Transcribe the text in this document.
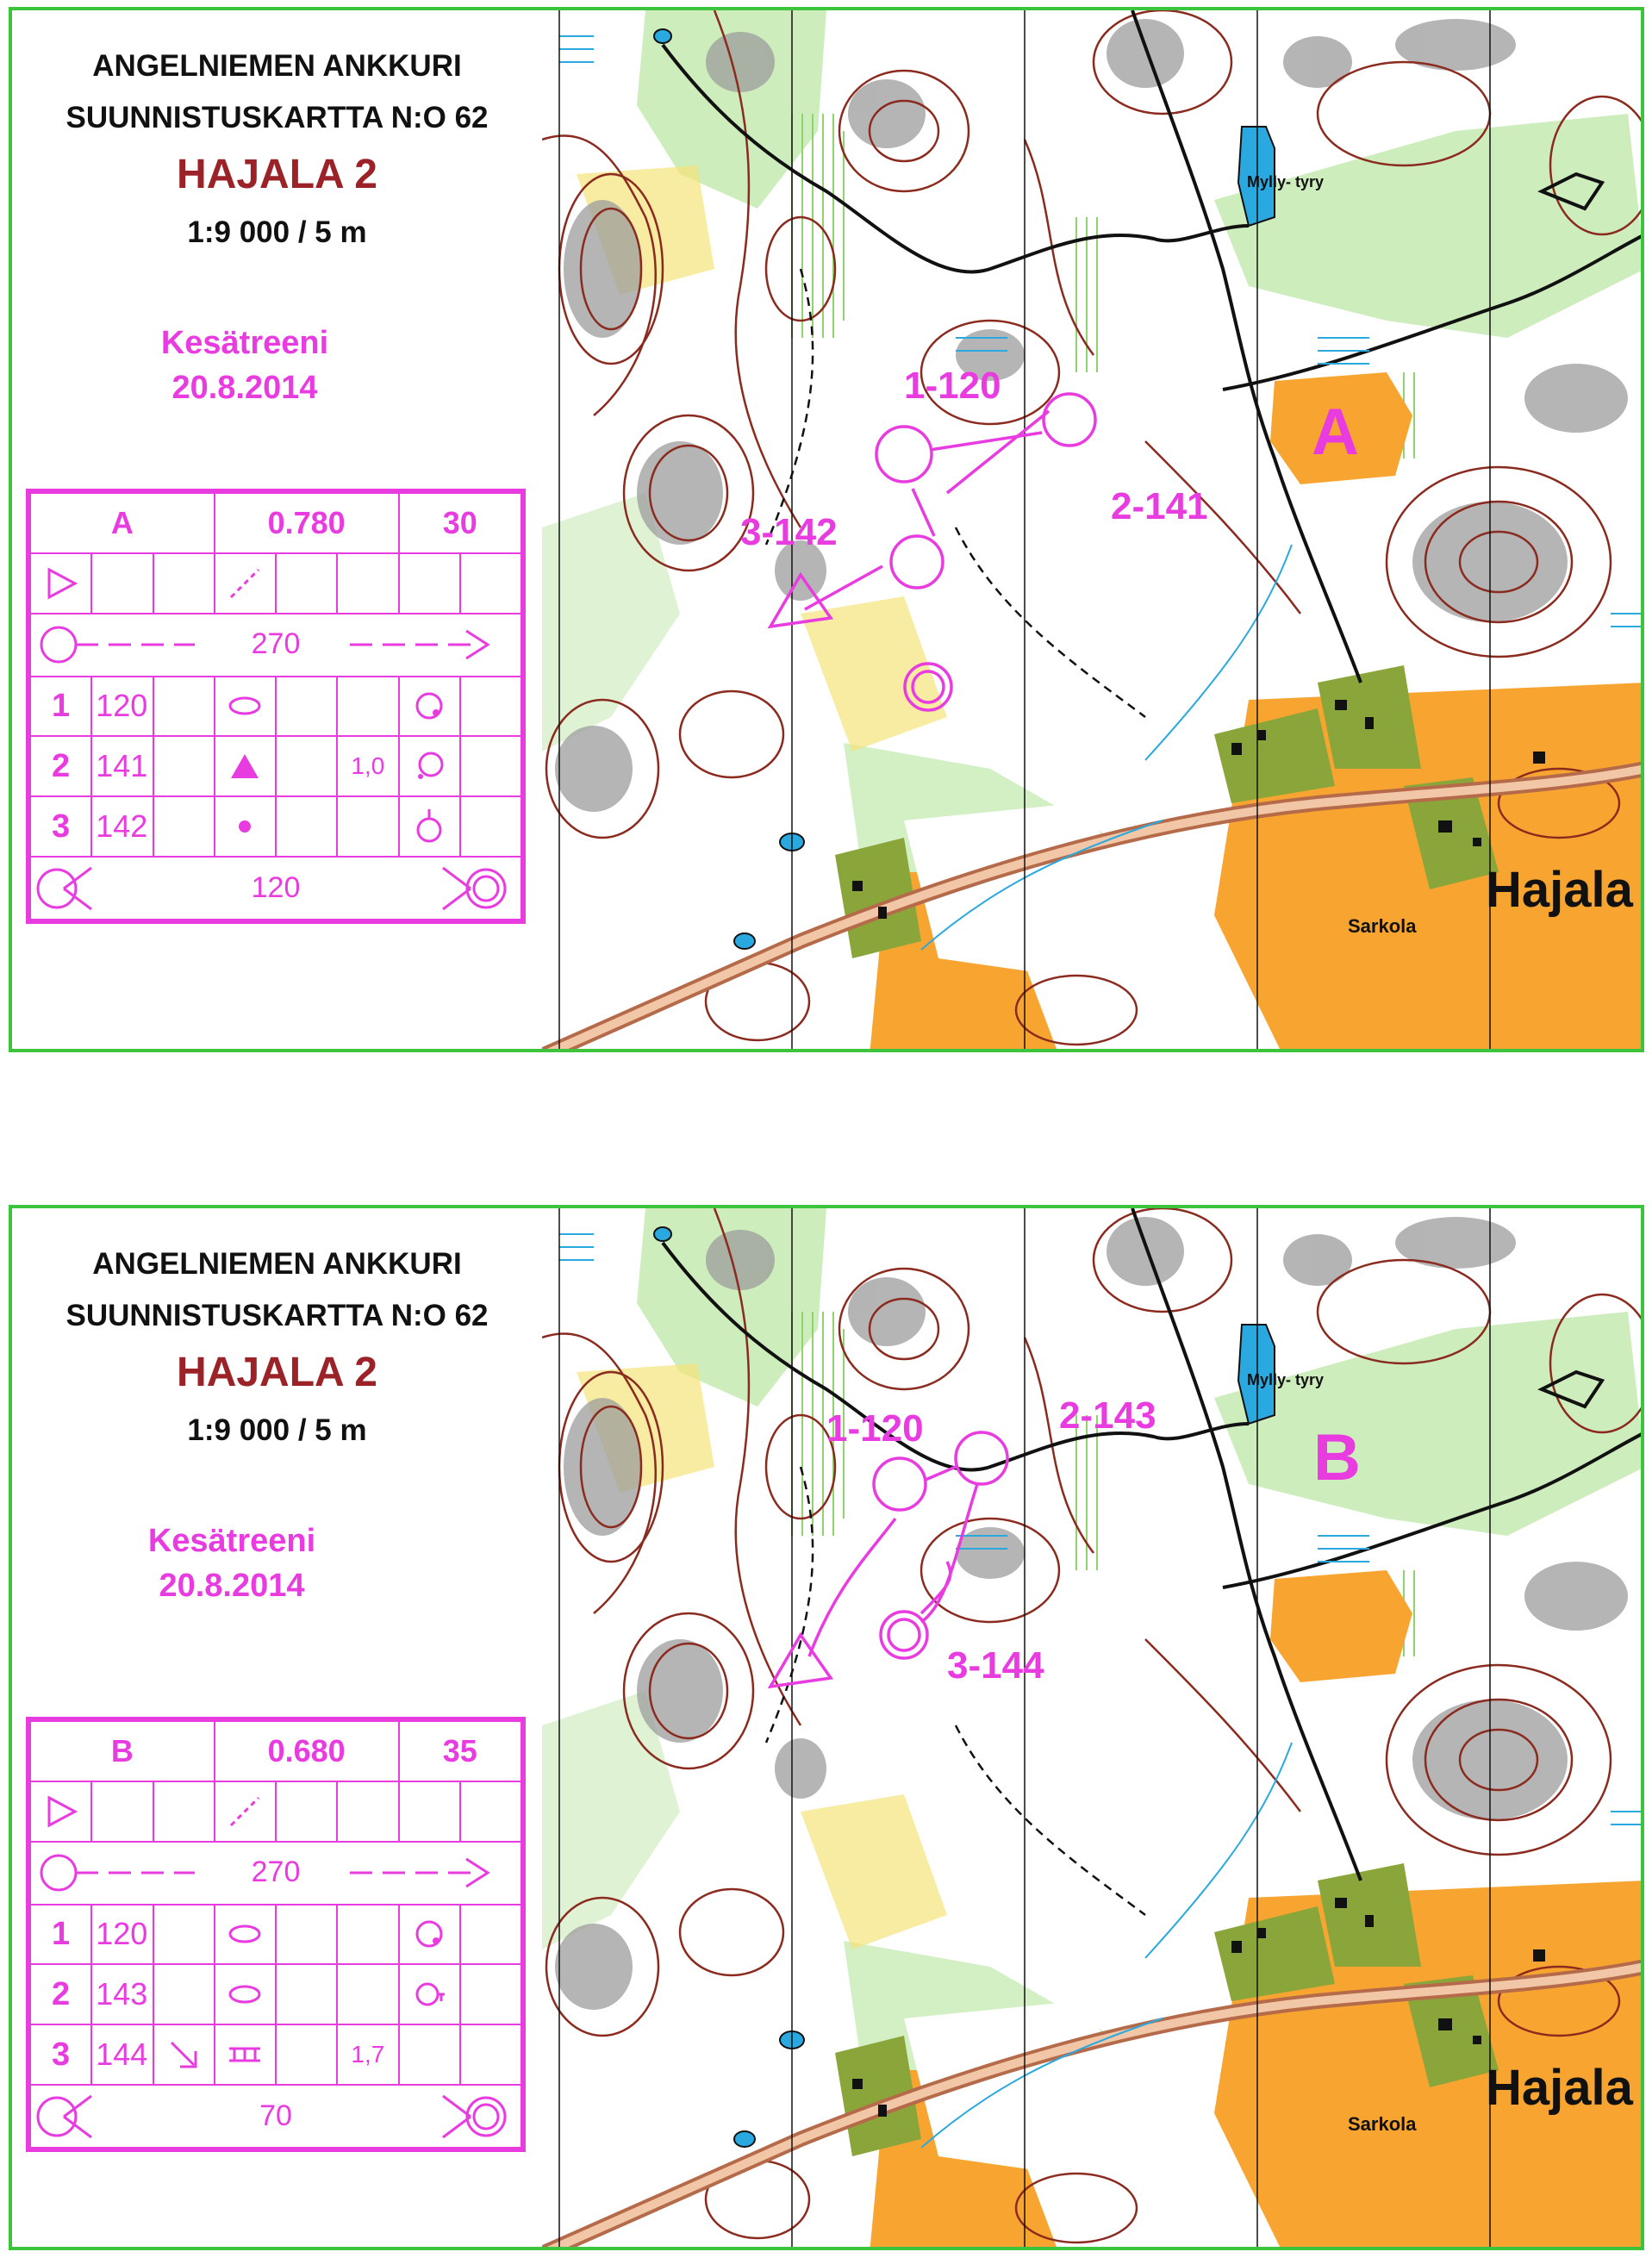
ANGELNIEMEN ANKKURI
SUUNNISTUSKARTTA N:O 62
HAJALA 2
1:9 000 / 5 m
Kesätreeni
20.8.2014
A			0.780			30	

270							

1	120		

2	141				1,0	

3	142		

120							
A
1-120
2-141
3-142
Hajala
Sarkola
Mylly- tyry
ANGELNIEMEN ANKKURI
SUUNNISTUSKARTTA N:O 62
HAJALA 2
1:9 000 / 5 m
Kesätreeni
20.8.2014
B			0.680			35	

270							

1	120		

2	143		

3	144				1,7		

70							
B
1-120	2-143
3-144
Hajala
Sarkola
Mylly- tyry
